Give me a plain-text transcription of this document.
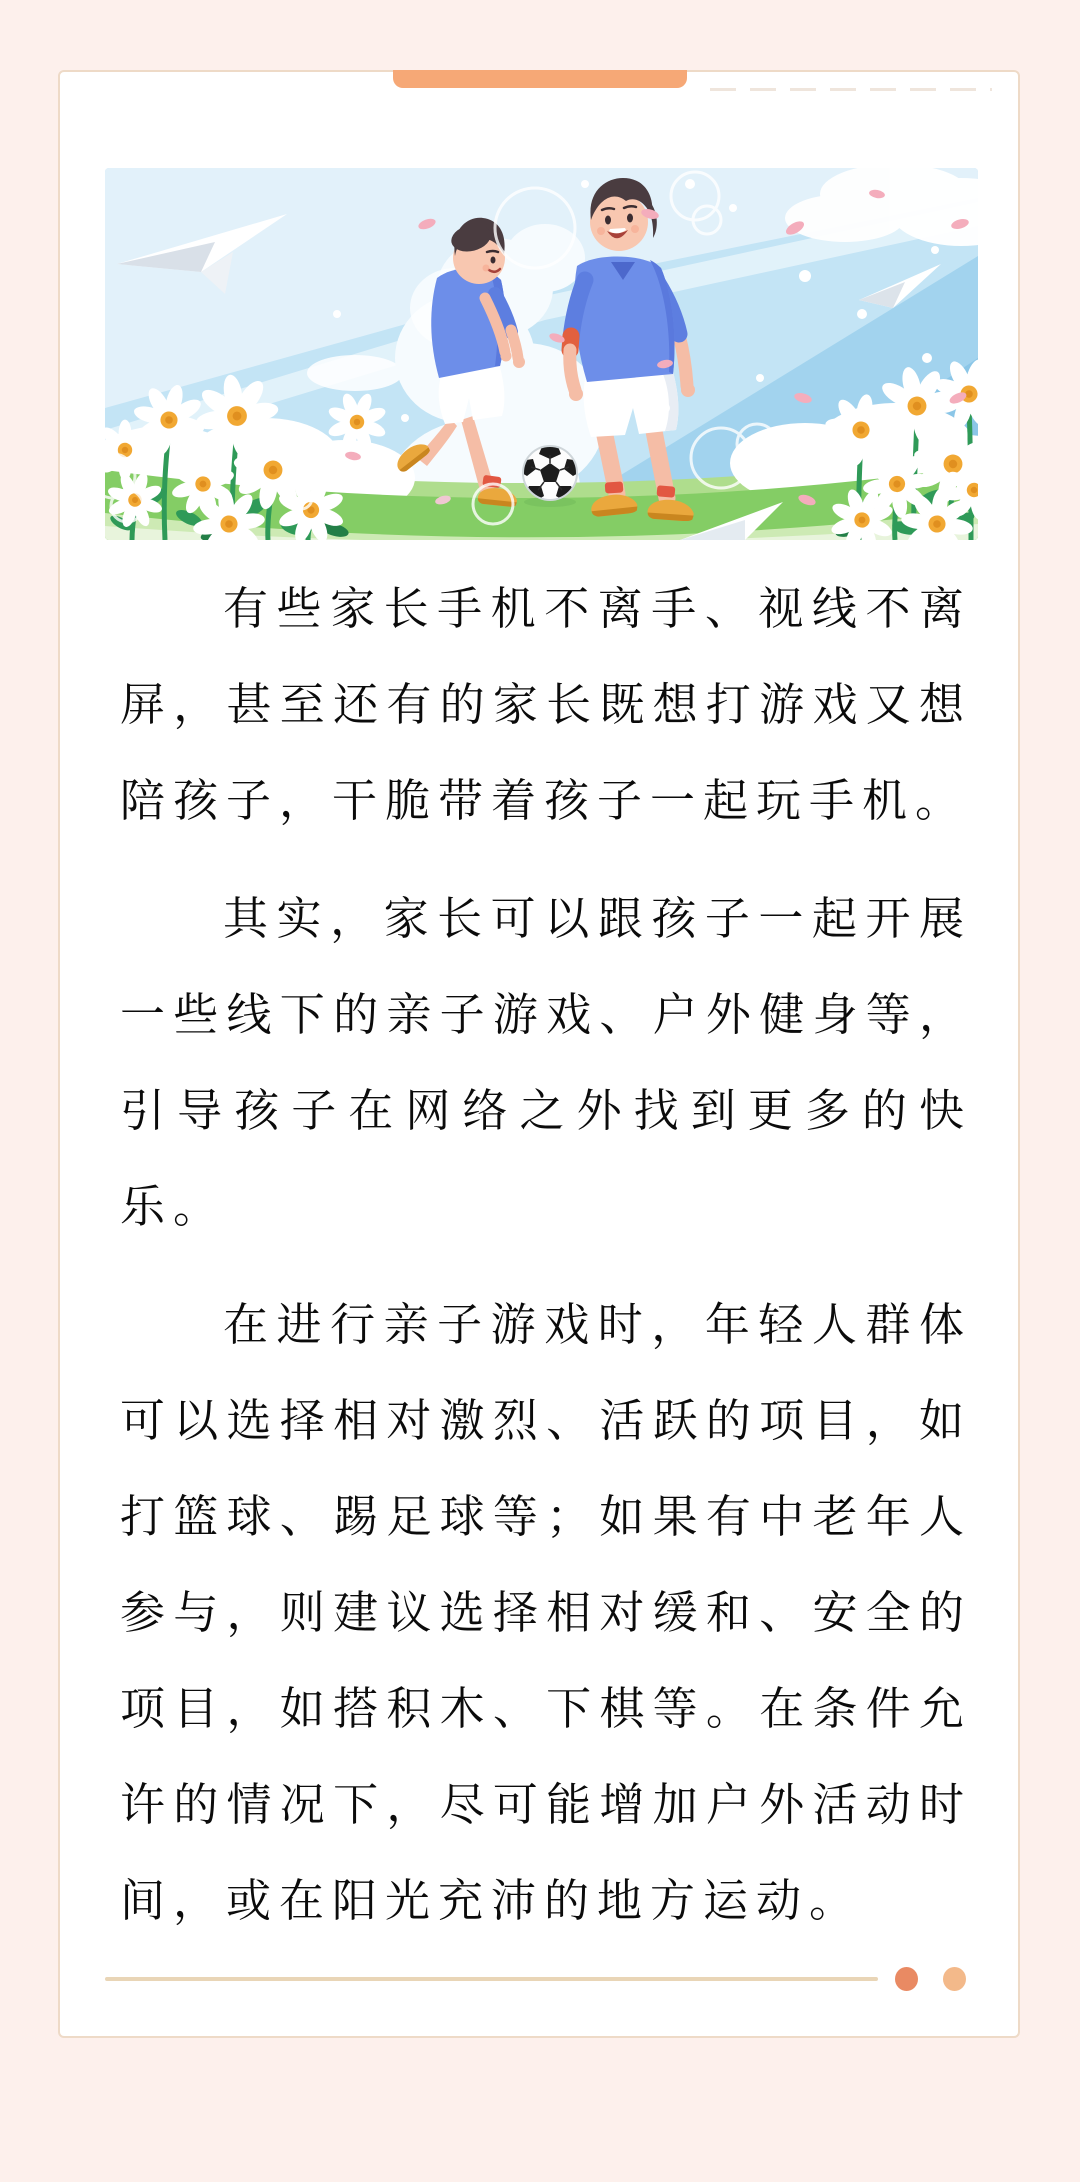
有些家长手机不离手、视线不离屏，甚至还有的家长既想打游戏又想陪孩子，干脆带着孩子一起玩手机。

其实，家长可以跟孩子一起开展一些线下的亲子游戏、户外健身等，引导孩子在网络之外找到更多的快乐。

在进行亲子游戏时，年轻人群体可以选择相对激烈、活跃的项目，如打篮球、踢足球等；如果有中老年人参与，则建议选择相对缓和、安全的项目，如搭积木、下棋等。在条件允许的情况下，尽可能增加户外活动时间，或在阳光充沛的地方运动。
